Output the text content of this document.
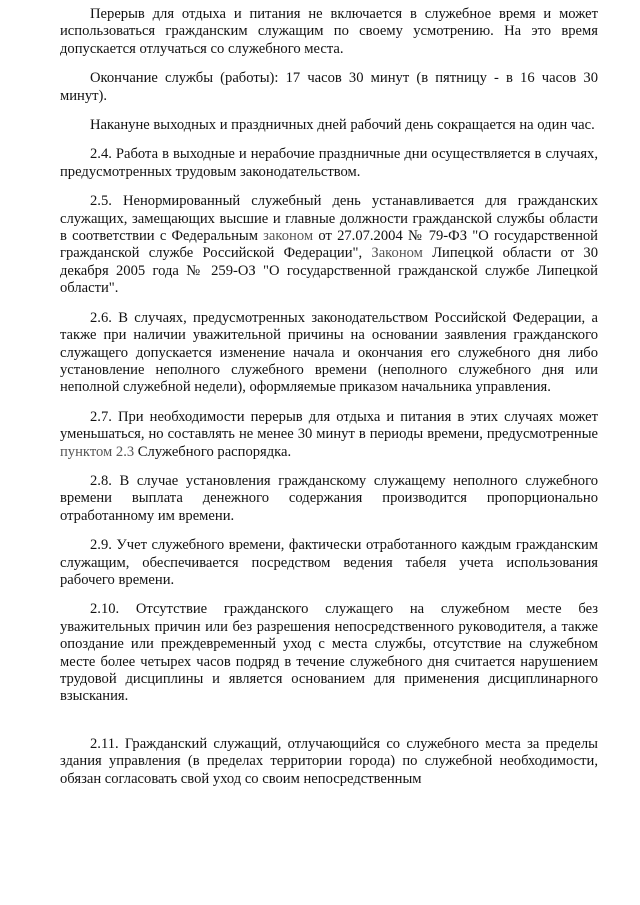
Перерыв для отдыха и питания не включается в служебное время и может использоваться гражданским служащим по своему усмотрению. На это время допускается отлучаться со служебного места.

Окончание службы (работы): 17 часов 30 минут (в пятницу - в 16 часов 30 минут).

Накануне выходных и праздничных дней рабочий день сокращается на один час.

2.4. Работа в выходные и нерабочие праздничные дни осуществляется в случаях, предусмотренных трудовым законодательством.

2.5. Ненормированный служебный день устанавливается для гражданских служащих, замещающих высшие и главные должности гражданской службы области в соответствии с Федеральным законом от 27.07.2004 № 79-ФЗ "О государственной гражданской службе Российской Федерации", Законом Липецкой области от 30 декабря 2005 года № 259-ОЗ "О государственной гражданской службе Липецкой области".

2.6. В случаях, предусмотренных законодательством Российской Федерации, а также при наличии уважительной причины на основании заявления гражданского служащего допускается изменение начала и окончания его служебного дня либо установление неполного служебного времени (неполного служебного дня или неполной служебной недели), оформляемые приказом начальника управления.

2.7. При необходимости перерыв для отдыха и питания в этих случаях может уменьшаться, но составлять не менее 30 минут в периоды времени, предусмотренные пунктом 2.3 Служебного распорядка.

2.8. В случае установления гражданскому служащему неполного служебного времени выплата денежного содержания производится пропорционально отработанному им времени.

2.9. Учет служебного времени, фактически отработанного каждым гражданским служащим, обеспечивается посредством ведения табеля учета использования рабочего времени.

2.10. Отсутствие гражданского служащего на служебном месте без уважительных причин или без разрешения непосредственного руководителя, а также опоздание или преждевременный уход с места службы, отсутствие на служебном месте более четырех часов подряд в течение служебного дня считается нарушением трудовой дисциплины и является основанием для применения дисциплинарного взыскания.

2.11. Гражданский служащий, отлучающийся со служебного места за пределы здания управления (в пределах территории города) по служебной необходимости, обязан согласовать свой уход со своим непосредственным
